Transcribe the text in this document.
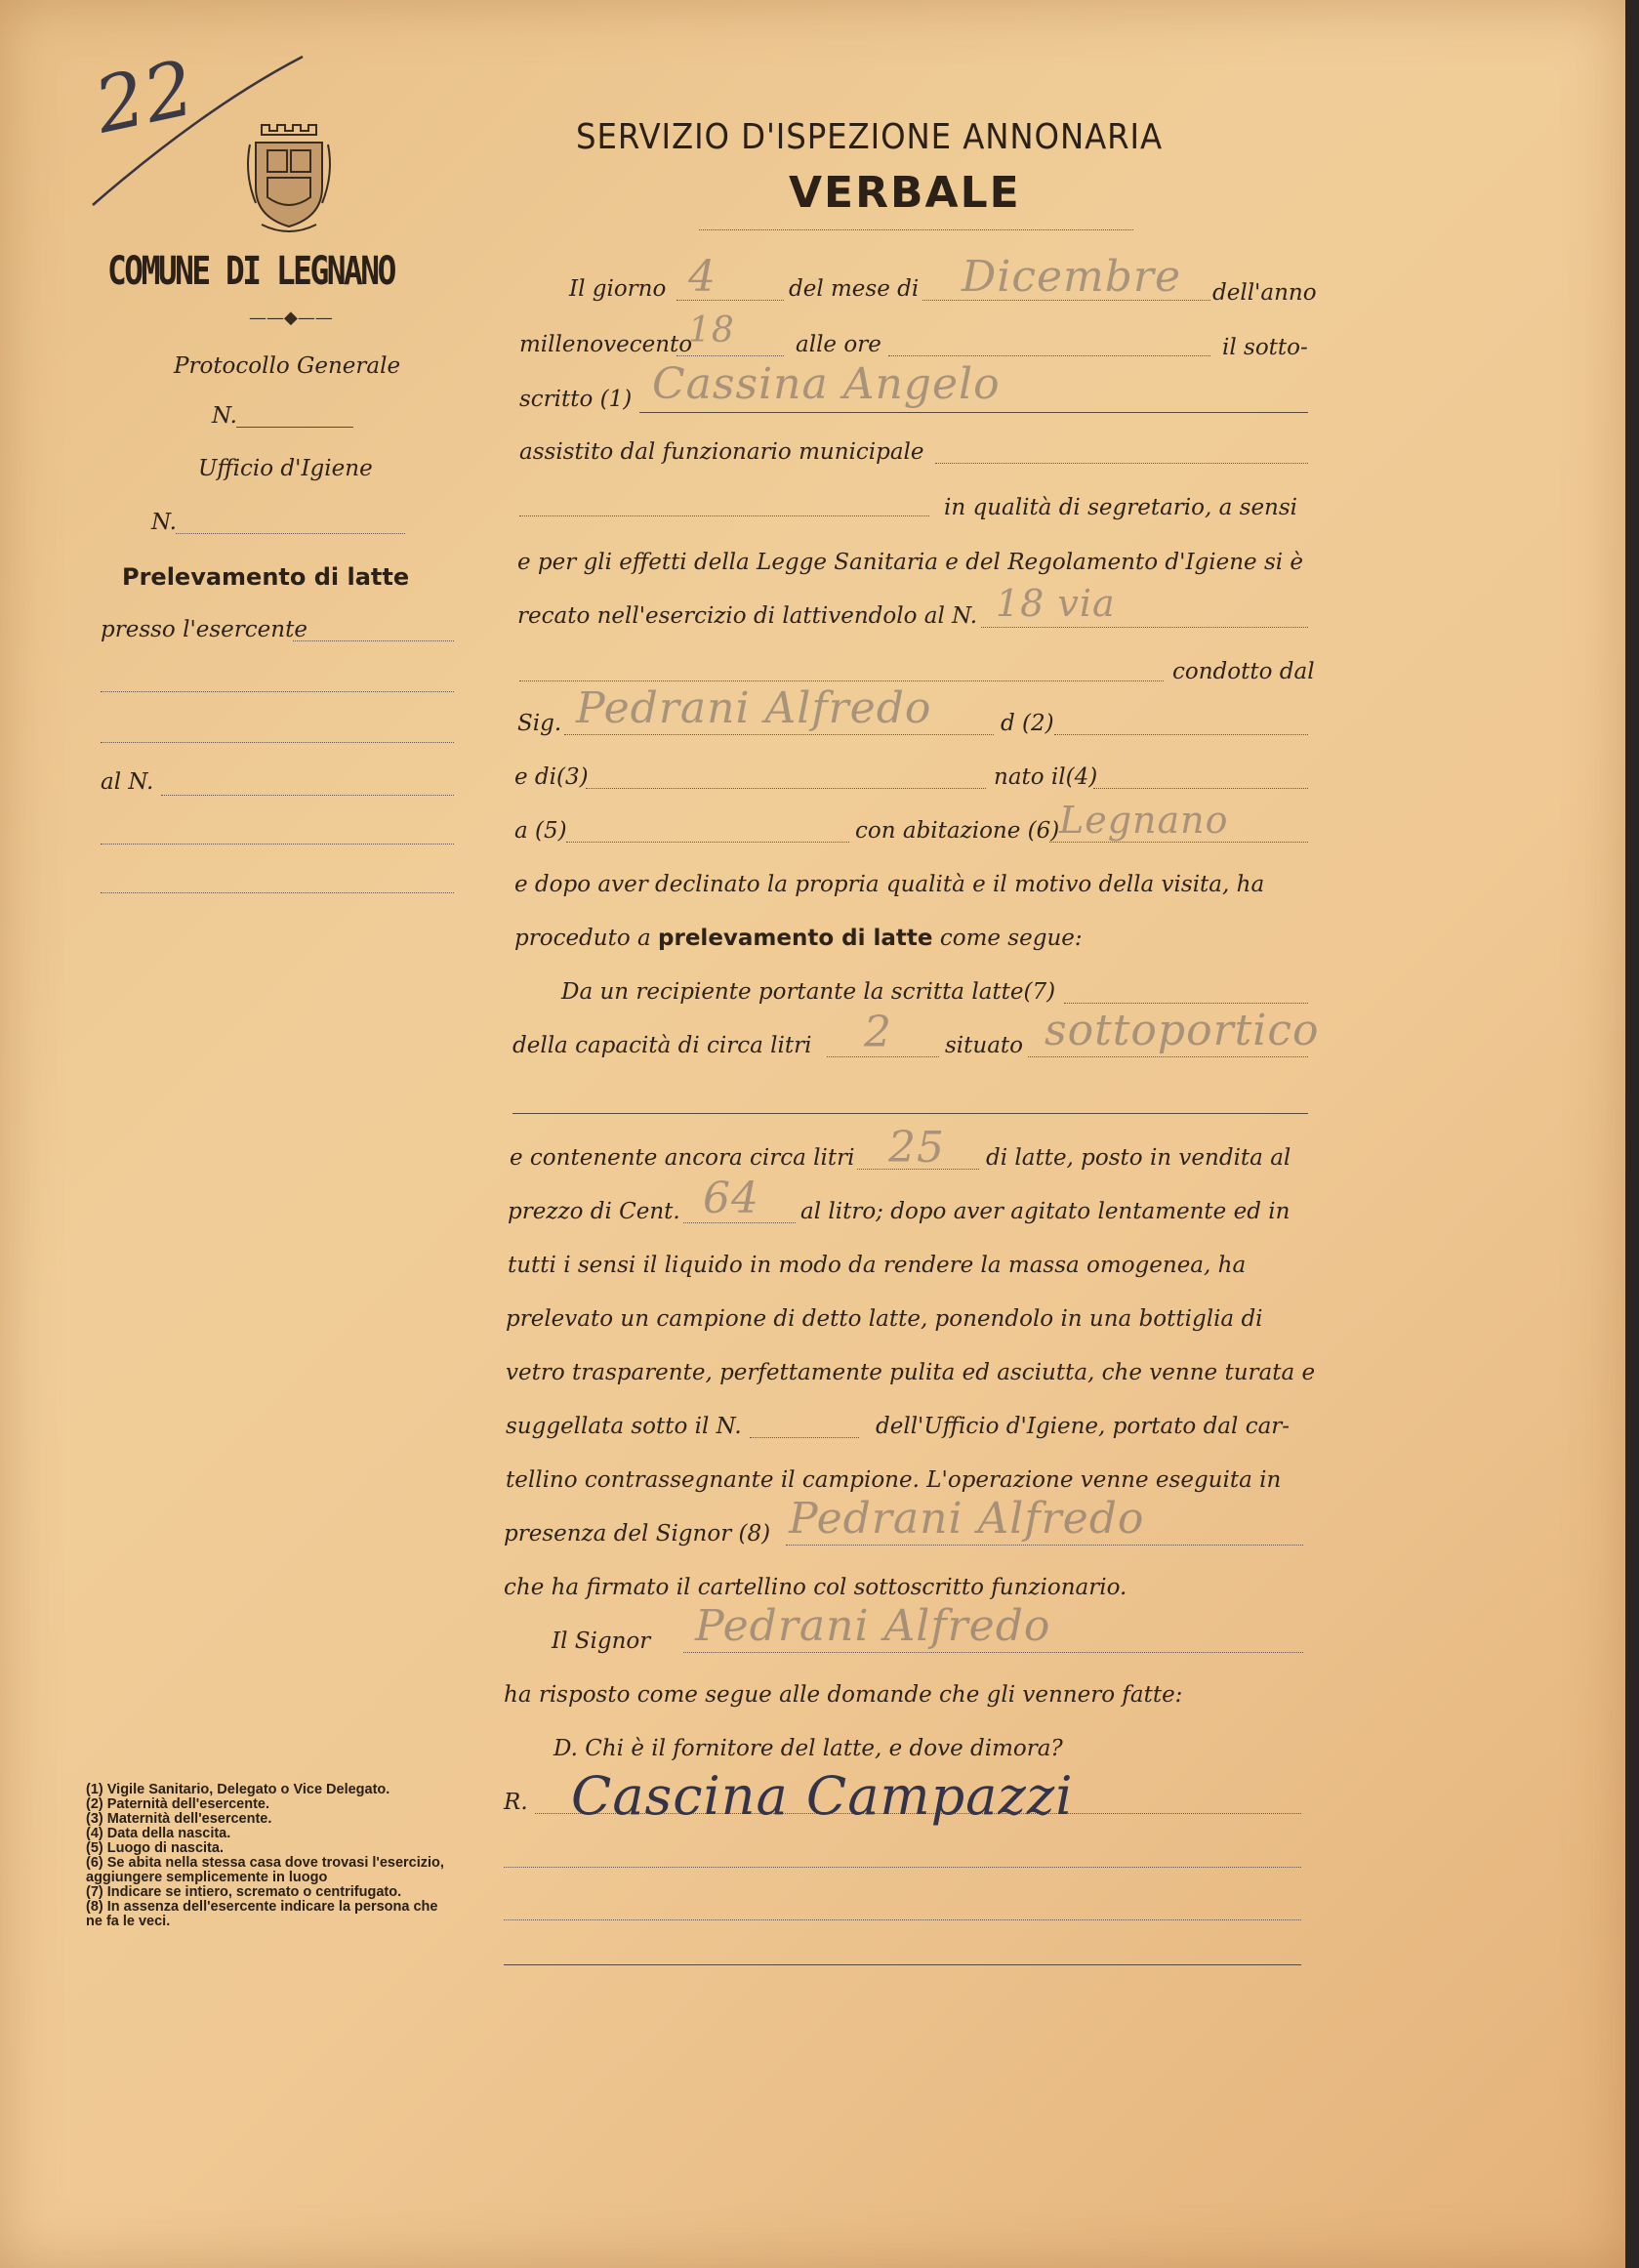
22
COMUNE DI LEGNANO
——◆——
Protocollo Generale
N.
Ufficio d'Igiene
N.
Prelevamento di latte
presso l'esercente
al N.
(1) Vigile Sanitario, Delegato o Vice Delegato.
(2) Paternità dell'esercente.
(3) Maternità dell'esercente.
(4) Data della nascita.
(5) Luogo di nascita.
(6) Se abita nella stessa casa dove trovasi l'esercizio, aggiungere semplicemente in luogo
(7) Indicare se intiero, scremato o centrifugato.
(8) In assenza dell'esercente indicare la persona che ne fa le veci.
SERVIZIO D'ISPEZIONE ANNONARIA
VERBALE
Il giorno 4	del mese di Dicembre dell'anno
millenovecento
18	alle ore	il sotto-
scritto (1) Cassina Angelo
assistito dal funzionario municipale
in qualità di segretario, a sensi
e per gli effetti della Legge Sanitaria e del Regolamento d'Igiene si è
recato nell'esercizio di lattivendolo al N. 18 via
condotto dal
Sig. Pedrani Alfredo	d (2)
e di(3)	nato il(4)
a (5)	con abitazione (6) Legnano
e dopo aver declinato la propria qualità e il motivo della visita, ha
proceduto a prelevamento di latte come segue:
Da un recipiente portante la scritta latte(7)
della capacità di circa litri 2 situato sottoportico
e contenente ancora circa litri 25 di latte, posto in vendita al
prezzo di Cent. 64 al litro; dopo aver agitato lentamente ed in
tutti i sensi il liquido in modo da rendere la massa omogenea, ha
prelevato un campione di detto latte, ponendolo in una bottiglia di
vetro trasparente, perfettamente pulita ed asciutta, che venne turata e
suggellata sotto il N.	dell'Ufficio d'Igiene, portato dal car-
tellino contrassegnante il campione. L'operazione venne eseguita in
presenza del Signor (8) Pedrani Alfredo
che ha firmato il cartellino col sottoscritto funzionario.
Il Signor Pedrani Alfredo
ha risposto come segue alle domande che gli vennero fatte:
D. Chi è il fornitore del latte, e dove dimora?
R. Cascina Campazzi
